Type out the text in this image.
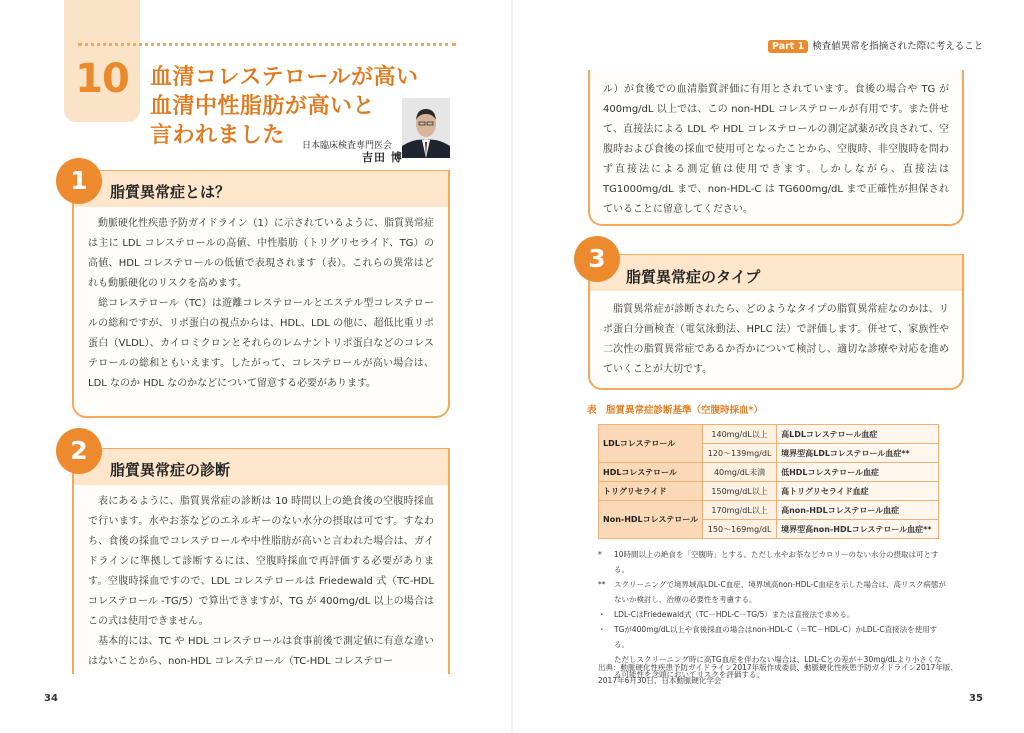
10 血清コレステロールが高い
血清中性脂肪が高いと
言われました 日本臨床検査専門医会
吉田 博
1	脂質異常症とは？

動脈硬化性疾患予防ガイドライン（1）に示されているように、脂質異常症は主に LDL コレステロールの高値、中性脂肪（トリグリセライド、TG）の高値、HDL コレステロールの低値で表現されます（表）。これらの異常はどれも動脈硬化のリスクを高めます。

総コレステロール（TC）は遊離コレステロールとエステル型コレステロールの総和ですが、リポ蛋白の視点からは、HDL、LDL の他に、超低比重リポ蛋白（VLDL）、カイロミクロンとそれらのレムナントリポ蛋白などのコレステロールの総和ともいえます。したがって、コレステロールが高い場合は、LDL なのか HDL なのかなどについて留意する必要があります。

2
脂質異常症の診断

表にあるように、脂質異常症の診断は 10 時間以上の絶食後の空腹時採血で行います。水やお茶などのエネルギーのない水分の摂取は可です。すなわち、食後の採血でコレステロールや中性脂肪が高いと言われた場合は、ガイドラインに準拠して診断するには、空腹時採血で再評価する必要があります。空腹時採血ですので、LDL コレステロールは Friedewald 式（TC-HDL コレステロール -TG/5）で算出できますが、TG が 400mg/dL 以上の場合はこの式は使用できません。

基本的には、TC や HDL コレステロールは食事前後で測定値に有意な違いはないことから、non-HDL コレステロール（TC-HDL コレステロー

34
Part 1 検査値異常を指摘された際に考えること
ル）が食後での血清脂質評価に有用とされています。食後の場合や TG が 400mg/dL 以上では、この non-HDL コレステロールが有用です。また併せて、直接法による LDL や HDL コレステロールの測定試薬が改良されて、空腹時および食後の採血で使用可となったことから、空腹時、非空腹時を問わず直接法による測定値は使用できます。しかしながら、直接法は TG1000mg/dL まで、non-HDL-C は TG600mg/dL まで正確性が担保されていることに留意してください。
3
脂質異常症のタイプ

脂質異常症が診断されたら、どのようなタイプの脂質異常症なのかは、リポ蛋白分画検査（電気泳動法、HPLC 法）で評価します。併せて、家族性や二次性の脂質異常症であるか否かについて検討し、適切な診療や対応を進めていくことが大切です。

表　脂質異常症診断基準（空腹時採血*）
LDLコレステロール	140mg/dL以上	高LDLコレステロール血症
	120～139mg/dL	境界型高LDLコレステロール血症**
HDLコレステロール	40mg/dL未満	低HDLコレステロール血症
トリグリセライド	150mg/dL以上	高トリグリセライド血症
Non-HDLコレステロール	170mg/dL以上	高non-HDLコレステロール血症
	150～169mg/dL	境界型高non-HDLコレステロール血症**
*	10時間以上の絶食を「空腹時」とする。ただし水やお茶などカロリーのない水分の摂取は可とする。
**	スクリーニングで境界域高LDL-C血症、境界域高non-HDL-C血症を示した場合は、高リスク病態がないか検討し、治療の必要性を考慮する。
・	LDL-CはFriedewald式（TC－HDL-C－TG/5）または直接法で求める。
・	TGが400mg/dL以上や食後採血の場合はnon-HDL-C（＝TC－HDL-C）かLDL-C直接法を使用する。
ただしスクリーニング時に高TG血症を伴わない場合は、LDL-Cとの差が＋30mg/dLより小さくなる可能性を念頭においてリスクを評価する。
出典：動脈硬化性疾患予防ガイドライン2017年版作成委員、動脈硬化性疾患予防ガイドライン2017年版、2017年6月30日、日本動脈硬化学会
35
